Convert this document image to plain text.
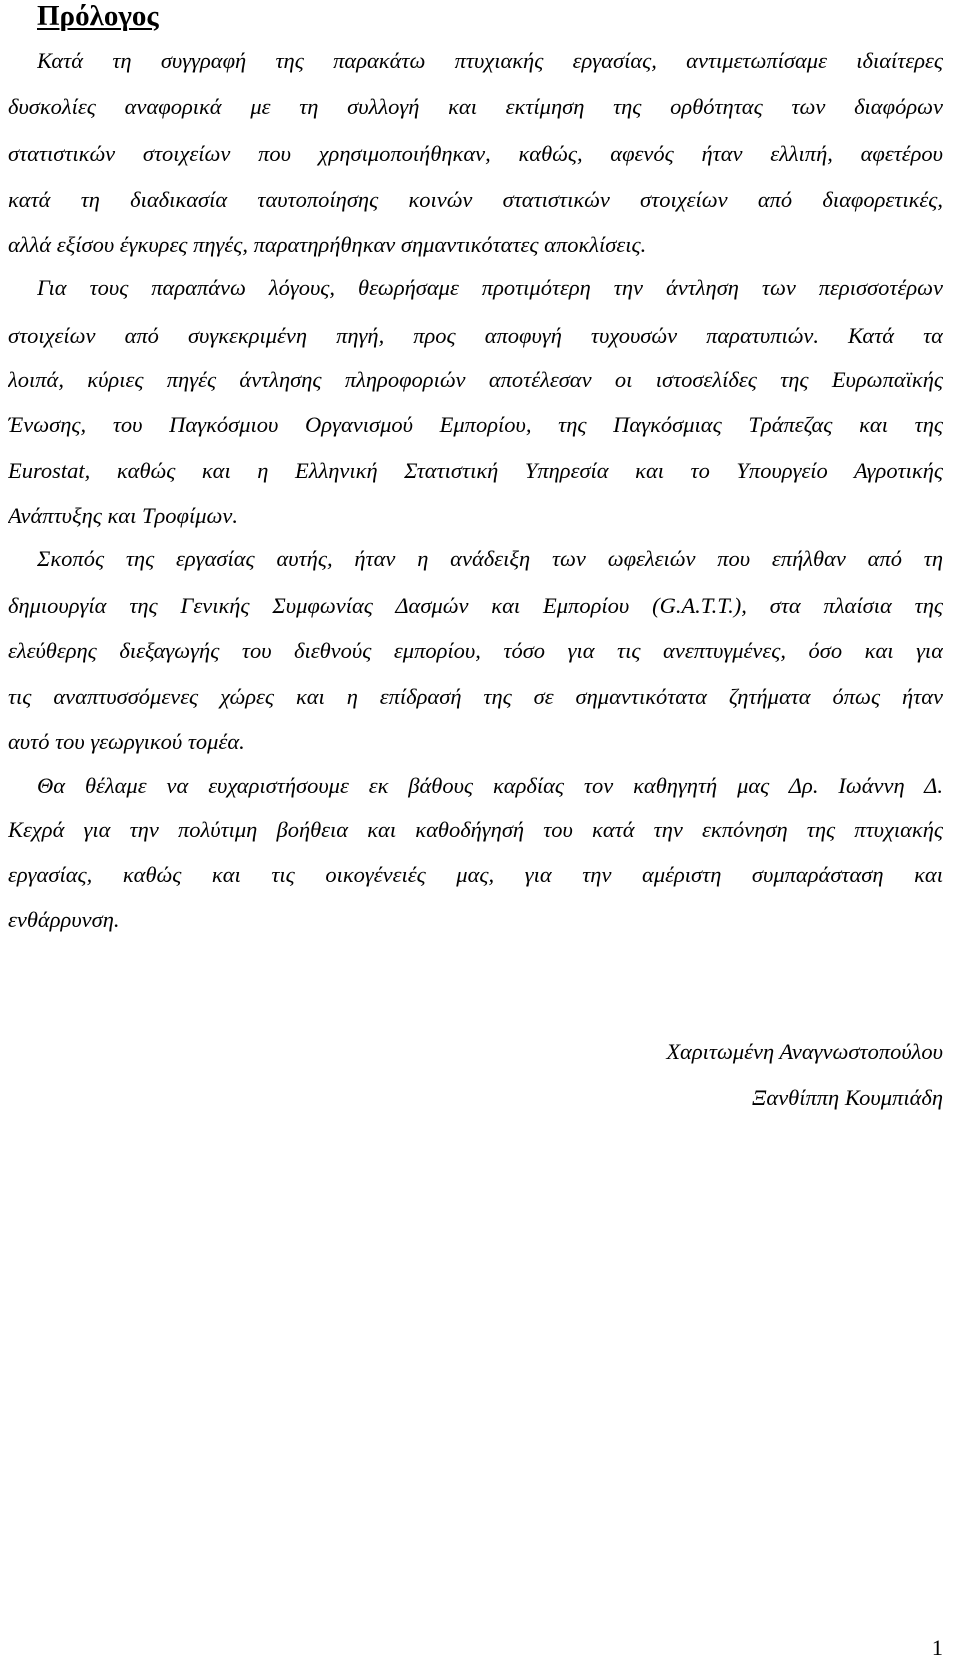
Πρόλογος
Κατά τη συγγραφή της παρακάτω πτυχιακής εργασίας, αντιμετωπίσαμε ιδιαίτερες
δυσκολίες αναφορικά με τη συλλογή και εκτίμηση της ορθότητας των διαφόρων
στατιστικών στοιχείων που χρησιμοποιήθηκαν, καθώς, αφενός ήταν ελλιπή, αφετέρου
κατά τη διαδικασία ταυτοποίησης κοινών στατιστικών στοιχείων από διαφορετικές,
αλλά εξίσου έγκυρες πηγές, παρατηρήθηκαν σημαντικότατες αποκλίσεις.
Για τους παραπάνω λόγους, θεωρήσαμε προτιμότερη την άντληση των περισσοτέρων
στοιχείων από συγκεκριμένη πηγή, προς αποφυγή τυχουσών παρατυπιών. Κατά τα
λοιπά, κύριες πηγές άντλησης πληροφοριών αποτέλεσαν οι ιστοσελίδες της Ευρωπαϊκής
Ένωσης, του Παγκόσμιου Οργανισμού Εμπορίου, της Παγκόσμιας Τράπεζας και της
Eurostat, καθώς και η Ελληνική Στατιστική Υπηρεσία και το Υπουργείο Αγροτικής
Ανάπτυξης και Τροφίμων.
Σκοπός της εργασίας αυτής, ήταν η ανάδειξη των ωφελειών που επήλθαν από τη
δημιουργία της Γενικής Συμφωνίας Δασμών και Εμπορίου (G.A.T.T.), στα πλαίσια της
ελεύθερης διεξαγωγής του διεθνούς εμπορίου, τόσο για τις ανεπτυγμένες, όσο και για
τις αναπτυσσόμενες χώρες και η επίδρασή της σε σημαντικότατα ζητήματα όπως ήταν
αυτό του γεωργικού τομέα.
Θα θέλαμε να ευχαριστήσουμε εκ βάθους καρδίας τον καθηγητή μας Δρ. Ιωάννη Δ.
Κεχρά για την πολύτιμη βοήθεια και καθοδήγησή του κατά την εκπόνηση της πτυχιακής
εργασίας, καθώς και τις οικογένειές μας, για την αμέριστη συμπαράσταση και
ενθάρρυνση.
Χαριτωμένη Αναγνωστοπούλου
Ξανθίππη Κουμπιάδη
1
